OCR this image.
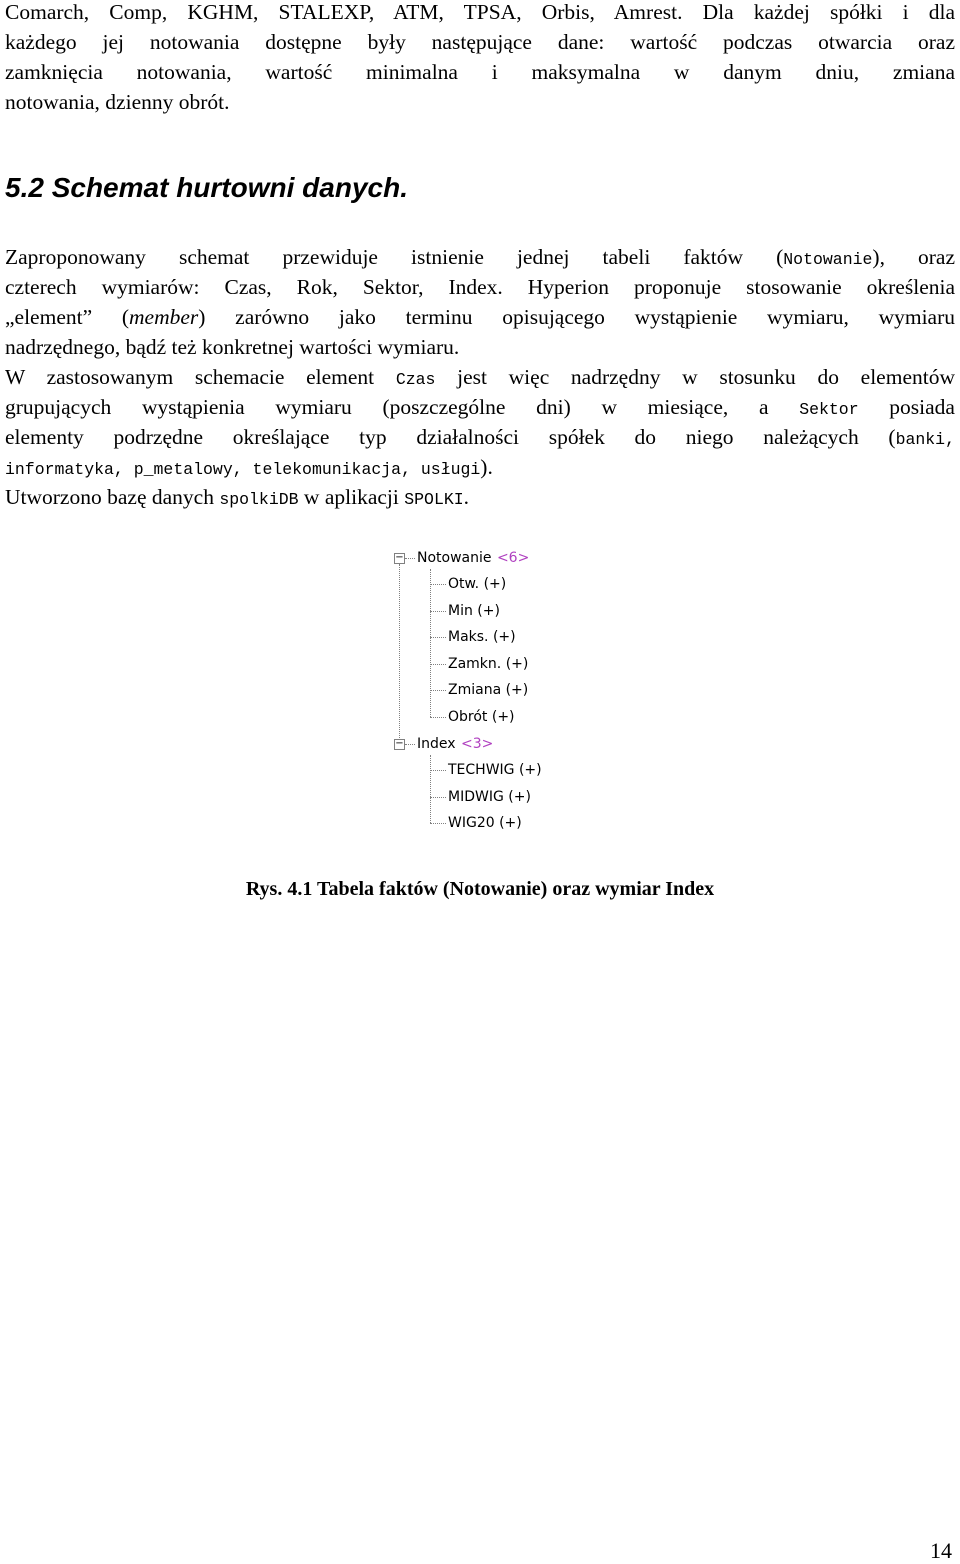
Comarch, Comp, KGHM, STALEXP, ATM, TPSA, Orbis, Amrest. Dla każdej spółki i dla
każdego jej notowania dostępne były następujące dane: wartość podczas otwarcia oraz
zamknięcia notowania, wartość minimalna i maksymalna w danym dniu, zmiana
notowania, dzienny obrót.
5.2 Schemat hurtowni danych.
Zaproponowany schemat przewiduje istnienie jednej tabeli faktów (Notowanie), oraz
czterech wymiarów: Czas, Rok, Sektor, Index. Hyperion proponuje stosowanie określenia
„element” (member) zarówno jako terminu opisującego wystąpienie wymiaru, wymiaru
nadrzędnego, bądź też konkretnej wartości wymiaru.
W zastosowanym schemacie element Czas jest więc nadrzędny w stosunku do elementów
grupujących wystąpienia wymiaru (poszczególne dni) w miesiące, a Sektor posiada
elementy podrzędne określające typ działalności spółek do niego należących (banki,
informatyka, p_metalowy, telekomunikacja, usługi).
Utworzono bazę danych spolkiDB w aplikacji SPOLKI.
− Notowanie <6>
Otw. (+)
Min (+)
Maks. (+)
Zamkn. (+)
Zmiana (+)
Obrót (+)
− Index <3>
TECHWIG (+)
MIDWIG (+)
WIG20 (+)

Rys. 4.1 Tabela faktów (Notowanie) oraz wymiar Index

14
